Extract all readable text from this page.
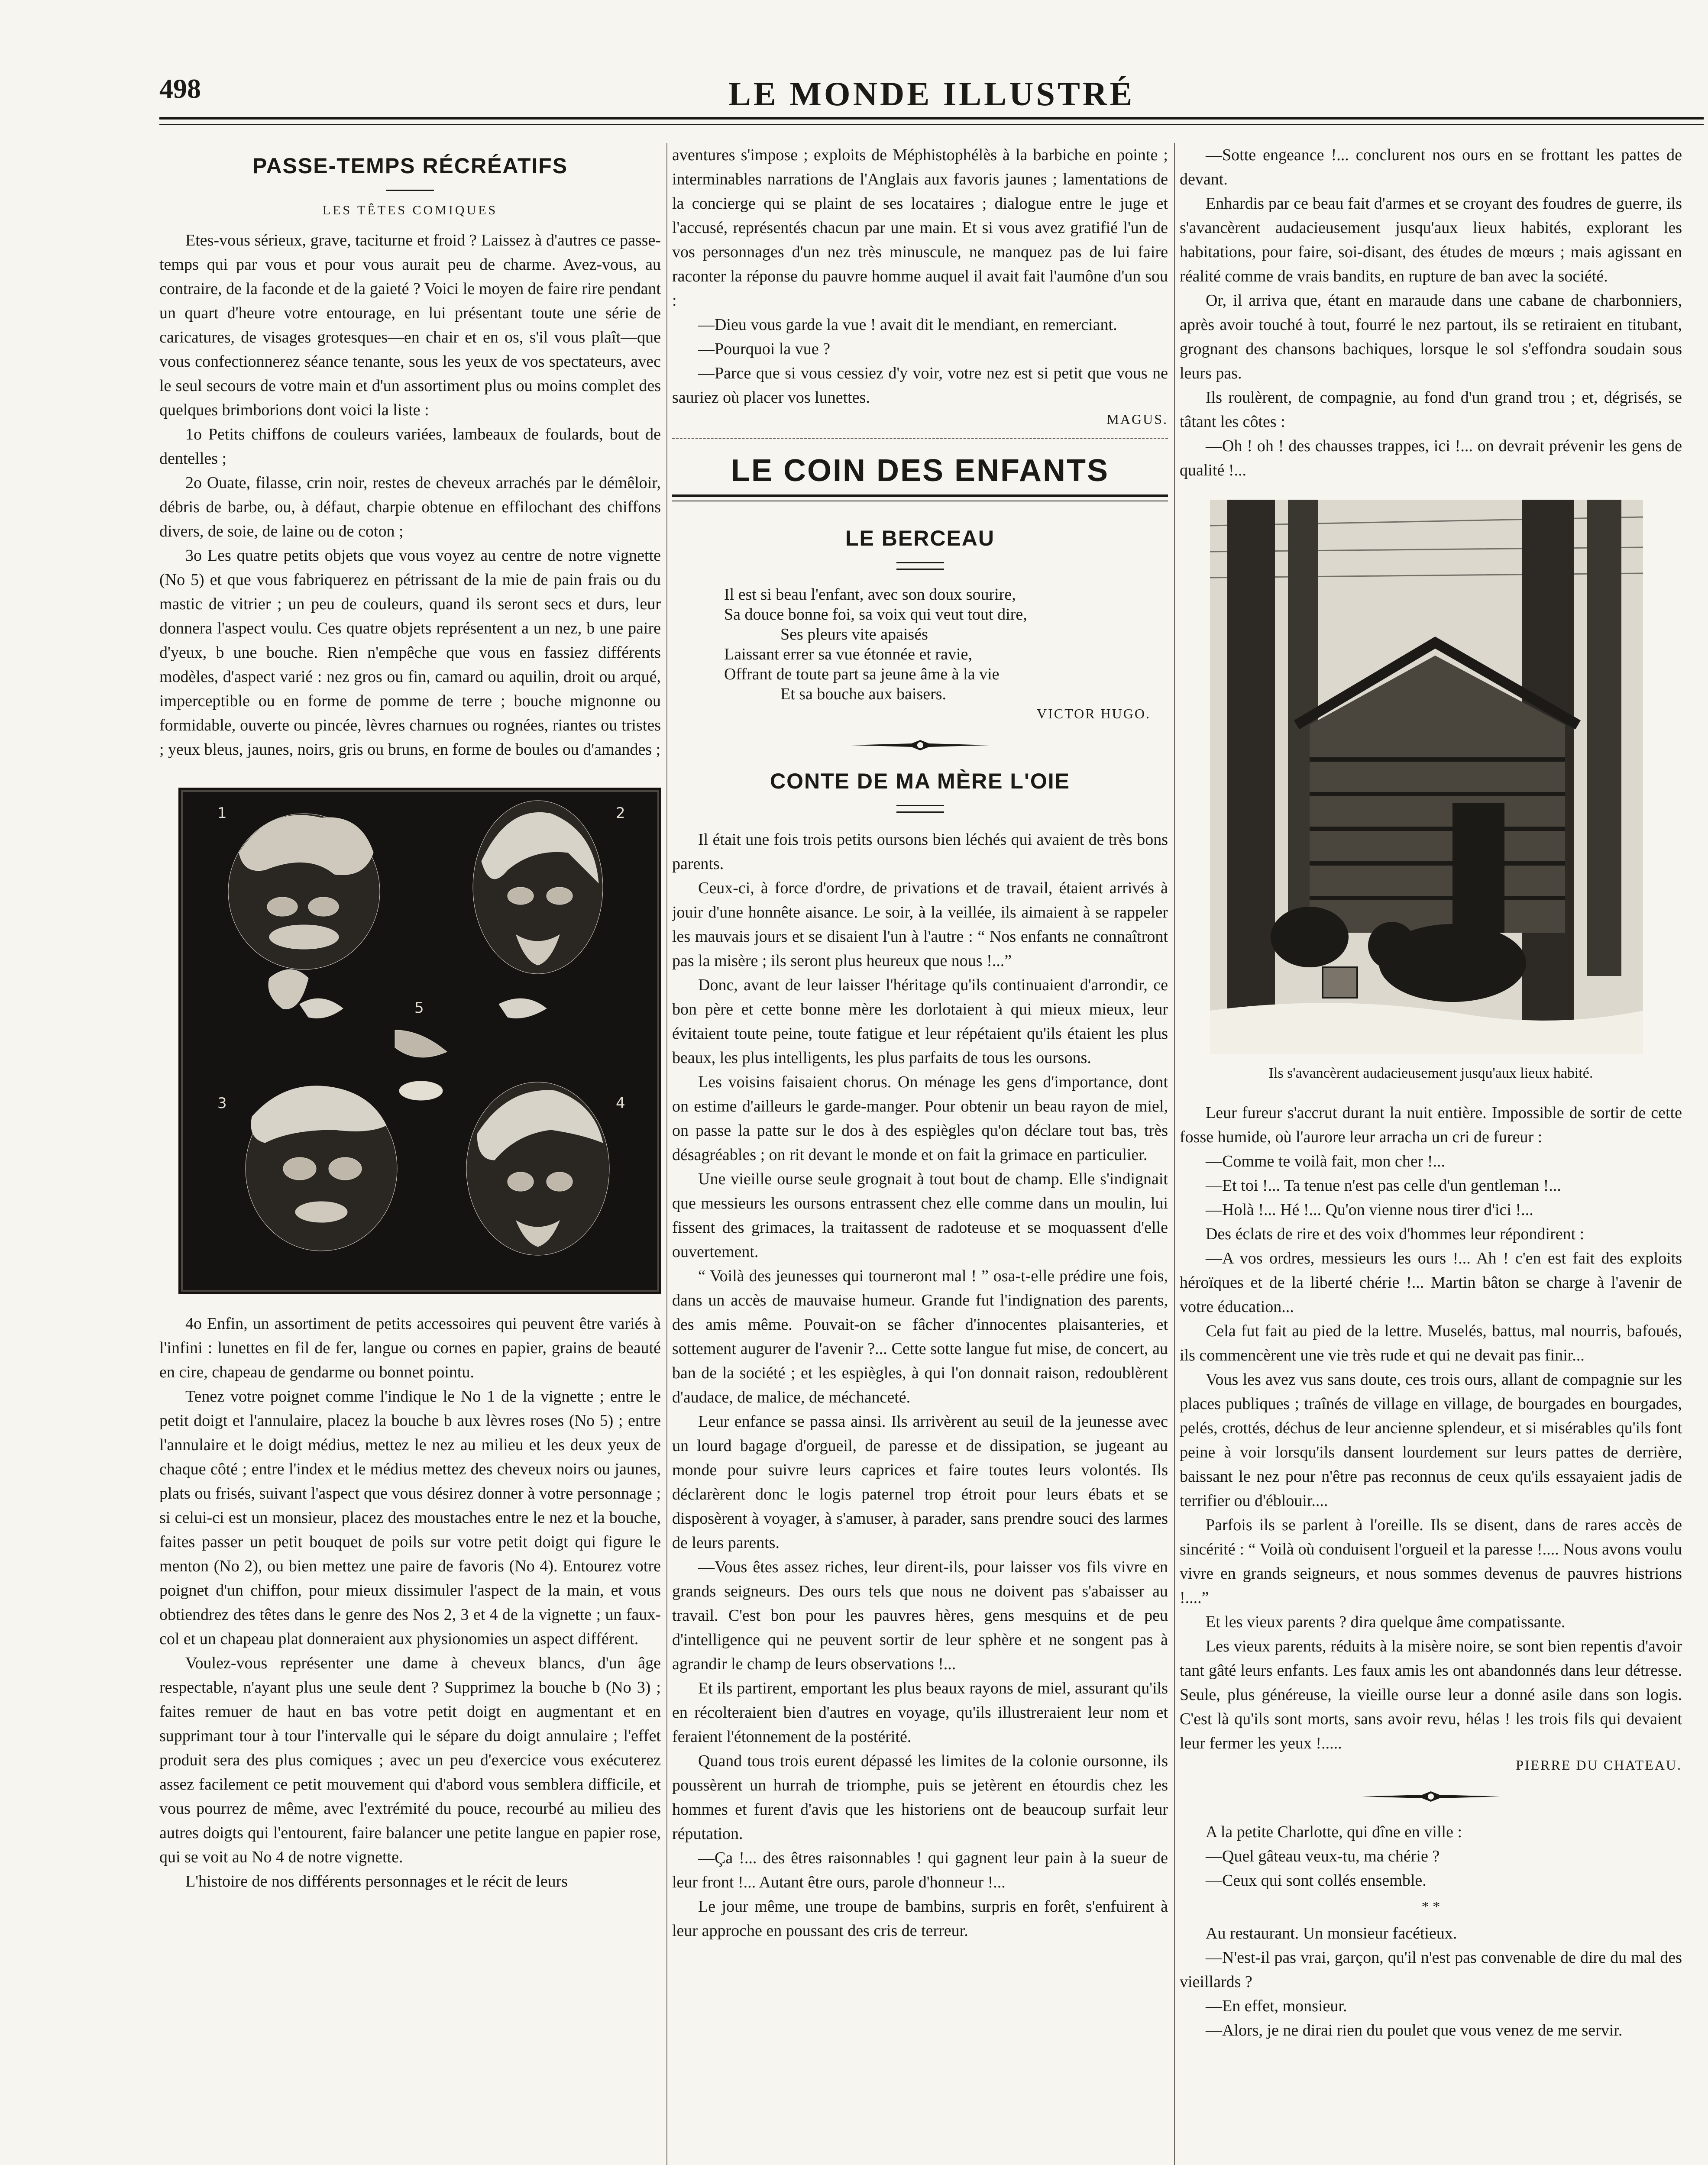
498	LE MONDE ILLUSTRÉ
PASSE-TEMPS RÉCRÉATIFS

LES TÊTES COMIQUES

Etes-vous sérieux, grave, taciturne et froid ? Laissez à d'autres ce passe-temps qui par vous et pour vous aurait peu de charme. Avez-vous, au contraire, de la faconde et de la gaieté ? Voici le moyen de faire rire pendant un quart d'heure votre entourage, en lui présentant toute une série de caricatures, de visages grotesques—en chair et en os, s'il vous plaît—que vous confectionnerez séance tenante, sous les yeux de vos spectateurs, avec le seul secours de votre main et d'un assortiment plus ou moins complet des quelques brimborions dont voici la liste :

1o Petits chiffons de couleurs variées, lambeaux de foulards, bout de dentelles ;

2o Ouate, filasse, crin noir, restes de cheveux arrachés par le démêloir, débris de barbe, ou, à défaut, charpie obtenue en effilochant des chiffons divers, de soie, de laine ou de coton ;

3o Les quatre petits objets que vous voyez au centre de notre vignette (No 5) et que vous fabriquerez en pétrissant de la mie de pain frais ou du mastic de vitrier ; un peu de couleurs, quand ils seront secs et durs, leur donnera l'aspect voulu. Ces quatre objets représentent a un nez, b une paire d'yeux, b une bouche. Rien n'empêche que vous en fassiez différents modèles, d'aspect varié : nez gros ou fin, camard ou aquilin, droit ou arqué, imperceptible ou en forme de pomme de terre ; bouche mignonne ou formidable, ouverte ou pincée, lèvres charnues ou rognées, riantes ou tristes ; yeux bleus, jaunes, noirs, gris ou bruns, en forme de boules ou d'amandes ;

1	2
3	4
5

4o Enfin, un assortiment de petits accessoires qui peuvent être variés à l'infini : lunettes en fil de fer, langue ou cornes en papier, grains de beauté en cire, chapeau de gendarme ou bonnet pointu.

Tenez votre poignet comme l'indique le No 1 de la vignette ; entre le petit doigt et l'annulaire, placez la bouche b aux lèvres roses (No 5) ; entre l'annulaire et le doigt médius, mettez le nez au milieu et les deux yeux de chaque côté ; entre l'index et le médius mettez des cheveux noirs ou jaunes, plats ou frisés, suivant l'aspect que vous désirez donner à votre personnage ; si celui-ci est un monsieur, placez des moustaches entre le nez et la bouche, faites passer un petit bouquet de poils sur votre petit doigt qui figure le menton (No 2), ou bien mettez une paire de favoris (No 4). Entourez votre poignet d'un chiffon, pour mieux dissimuler l'aspect de la main, et vous obtiendrez des têtes dans le genre des Nos 2, 3 et 4 de la vignette ; un faux-col et un chapeau plat donneraient aux physionomies un aspect différent.

Voulez-vous représenter une dame à cheveux blancs, d'un âge respectable, n'ayant plus une seule dent ? Supprimez la bouche b (No 3) ; faites remuer de haut en bas votre petit doigt en augmentant et en supprimant tour à tour l'intervalle qui le sépare du doigt annulaire ; l'effet produit sera des plus comiques ; avec un peu d'exercice vous exécuterez assez facilement ce petit mouvement qui d'abord vous semblera difficile, et vous pourrez de même, avec l'extrémité du pouce, recourbé au milieu des autres doigts qui l'entourent, faire balancer une petite langue en papier rose, qui se voit au No 4 de notre vignette.

L'histoire de nos différents personnages et le récit de leurs

aventures s'impose ; exploits de Méphistophélès à la barbiche en pointe ; interminables narrations de l'Anglais aux favoris jaunes ; lamentations de la concierge qui se plaint de ses locataires ; dialogue entre le juge et l'accusé, représentés chacun par une main. Et si vous avez gratifié l'un de vos personnages d'un nez très minuscule, ne manquez pas de lui faire raconter la réponse du pauvre homme auquel il avait fait l'aumône d'un sou :

—Dieu vous garde la vue ! avait dit le mendiant, en remerciant.

—Pourquoi la vue ?

—Parce que si vous cessiez d'y voir, votre nez est si petit que vous ne sauriez où placer vos lunettes.

MAGUS.

LE COIN DES ENFANTS
LE BERCEAU

Il est si beau l'enfant, avec son doux sourire,

Sa douce bonne foi, sa voix qui veut tout dire,

Ses pleurs vite apaisés

Laissant errer sa vue étonnée et ravie,

Offrant de toute part sa jeune âme à la vie

Et sa bouche aux baisers.

VICTOR HUGO.

CONTE DE MA MÈRE L'OIE

Il était une fois trois petits oursons bien léchés qui avaient de très bons parents.

Ceux-ci, à force d'ordre, de privations et de travail, étaient arrivés à jouir d'une honnête aisance. Le soir, à la veillée, ils aimaient à se rappeler les mauvais jours et se disaient l'un à l'autre : “ Nos enfants ne connaîtront pas la misère ; ils seront plus heureux que nous !...”

Donc, avant de leur laisser l'héritage qu'ils continuaient d'arrondir, ce bon père et cette bonne mère les dorlotaient à qui mieux mieux, leur évitaient toute peine, toute fatigue et leur répétaient qu'ils étaient les plus beaux, les plus intelligents, les plus parfaits de tous les oursons.

Les voisins faisaient chorus. On ménage les gens d'importance, dont on estime d'ailleurs le garde-manger. Pour obtenir un beau rayon de miel, on passe la patte sur le dos à des espiègles qu'on déclare tout bas, très désagréables ; on rit devant le monde et on fait la grimace en particulier.

Une vieille ourse seule grognait à tout bout de champ. Elle s'indignait que messieurs les oursons entrassent chez elle comme dans un moulin, lui fissent des grimaces, la traitassent de radoteuse et se moquassent d'elle ouvertement.

“ Voilà des jeunesses qui tourneront mal ! ” osa-t-elle prédire une fois, dans un accès de mauvaise humeur. Grande fut l'indignation des parents, des amis même. Pouvait-on se fâcher d'innocentes plaisanteries, et sottement augurer de l'avenir ?... Cette sotte langue fut mise, de concert, au ban de la société ; et les espiègles, à qui l'on donnait raison, redoublèrent d'audace, de malice, de méchanceté.

Leur enfance se passa ainsi. Ils arrivèrent au seuil de la jeunesse avec un lourd bagage d'orgueil, de paresse et de dissipation, se jugeant au monde pour suivre leurs caprices et faire toutes leurs volontés. Ils déclarèrent donc le logis paternel trop étroit pour leurs ébats et se disposèrent à voyager, à s'amuser, à parader, sans prendre souci des larmes de leurs parents.

—Vous êtes assez riches, leur dirent-ils, pour laisser vos fils vivre en grands seigneurs. Des ours tels que nous ne doivent pas s'abaisser au travail. C'est bon pour les pauvres hères, gens mesquins et de peu d'intelligence qui ne peuvent sortir de leur sphère et ne songent pas à agrandir le champ de leurs observations !...

Et ils partirent, emportant les plus beaux rayons de miel, assurant qu'ils en récolteraient bien d'autres en voyage, qu'ils illustreraient leur nom et feraient l'étonnement de la postérité.

Quand tous trois eurent dépassé les limites de la colonie oursonne, ils poussèrent un hurrah de triomphe, puis se jetèrent en étourdis chez les hommes et furent d'avis que les historiens ont de beaucoup surfait leur réputation.

—Ça !... des êtres raisonnables ! qui gagnent leur pain à la sueur de leur front !... Autant être ours, parole d'honneur !...

Le jour même, une troupe de bambins, surpris en forêt, s'enfuirent à leur approche en poussant des cris de terreur.

—Sotte engeance !... conclurent nos ours en se frottant les pattes de devant.

Enhardis par ce beau fait d'armes et se croyant des foudres de guerre, ils s'avancèrent audacieusement jusqu'aux lieux habités, explorant les habitations, pour faire, soi-disant, des études de mœurs ; mais agissant en réalité comme de vrais bandits, en rupture de ban avec la société.

Or, il arriva que, étant en maraude dans une cabane de charbonniers, après avoir touché à tout, fourré le nez partout, ils se retiraient en titubant, grognant des chansons bachiques, lorsque le sol s'effondra soudain sous leurs pas.

Ils roulèrent, de compagnie, au fond d'un grand trou ; et, dégrisés, se tâtant les côtes :

—Oh ! oh ! des chausses trappes, ici !... on devrait prévenir les gens de qualité !...

Ils s'avancèrent audacieusement jusqu'aux lieux habité.

Leur fureur s'accrut durant la nuit entière. Impossible de sortir de cette fosse humide, où l'aurore leur arracha un cri de fureur :

—Comme te voilà fait, mon cher !...

—Et toi !... Ta tenue n'est pas celle d'un gentleman !...

—Holà !... Hé !... Qu'on vienne nous tirer d'ici !...

Des éclats de rire et des voix d'hommes leur répondirent :

—A vos ordres, messieurs les ours !... Ah ! c'en est fait des exploits héroïques et de la liberté chérie !... Martin bâton se charge à l'avenir de votre éducation...

Cela fut fait au pied de la lettre. Muselés, battus, mal nourris, bafoués, ils commencèrent une vie très rude et qui ne devait pas finir...

Vous les avez vus sans doute, ces trois ours, allant de compagnie sur les places publiques ; traînés de village en village, de bourgades en bourgades, pelés, crottés, déchus de leur ancienne splendeur, et si misérables qu'ils font peine à voir lorsqu'ils dansent lourdement sur leurs pattes de derrière, baissant le nez pour n'être pas reconnus de ceux qu'ils essayaient jadis de terrifier ou d'éblouir....

Parfois ils se parlent à l'oreille. Ils se disent, dans de rares accès de sincérité : “ Voilà où conduisent l'orgueil et la paresse !.... Nous avons voulu vivre en grands seigneurs, et nous sommes devenus de pauvres histrions !....”

Et les vieux parents ? dira quelque âme compatissante.

Les vieux parents, réduits à la misère noire, se sont bien repentis d'avoir tant gâté leurs enfants. Les faux amis les ont abandonnés dans leur détresse. Seule, plus généreuse, la vieille ourse leur a donné asile dans son logis. C'est là qu'ils sont morts, sans avoir revu, hélas ! les trois fils qui devaient leur fermer les yeux !.....

PIERRE DU CHATEAU.

A la petite Charlotte, qui dîne en ville :

—Quel gâteau veux-tu, ma chérie ?

—Ceux qui sont collés ensemble.

* *

Au restaurant. Un monsieur facétieux.

—N'est-il pas vrai, garçon, qu'il n'est pas convenable de dire du mal des vieillards ?

—En effet, monsieur.

—Alors, je ne dirai rien du poulet que vous venez de me servir.
